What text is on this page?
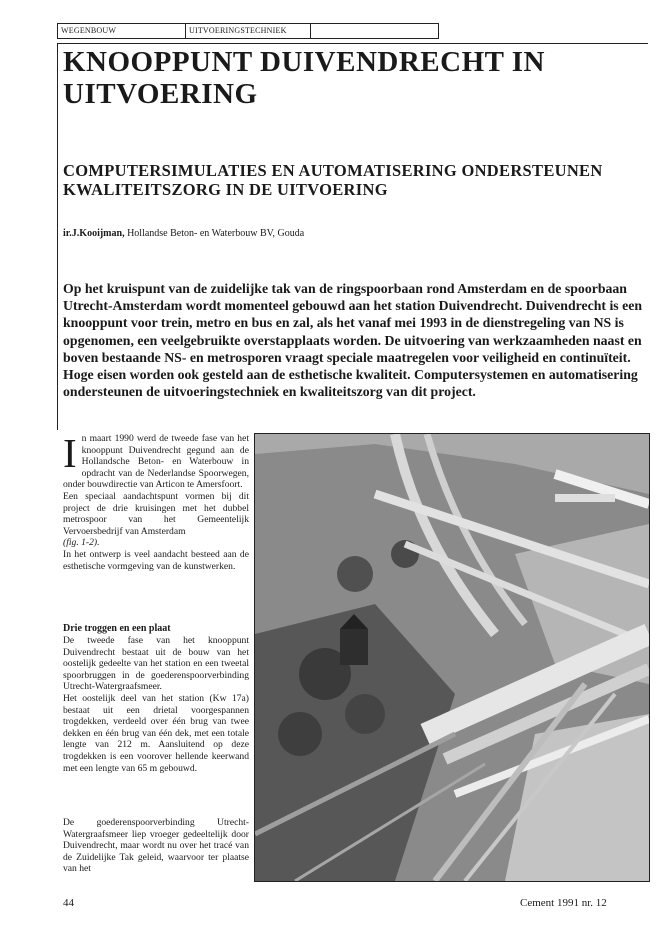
WEGENBOUW	UITVOERINGSTECHNIEK
KNOOPPUNT DUIVENDRECHT IN UITVOERING
COMPUTERSIMULATIES EN AUTOMATISERING ONDERSTEUNEN KWALITEITSZORG IN DE UITVOERING
ir.J.Kooijman, Hollandse Beton- en Waterbouw BV, Gouda

Op het kruispunt van de zuidelijke tak van de ringspoorbaan rond Amsterdam en de spoorbaan Utrecht-Amsterdam wordt momenteel gebouwd aan het station Duivendrecht. Duivendrecht is een knooppunt voor trein, metro en bus en zal, als het vanaf mei 1993 in de dienstregeling van NS is opgenomen, een veelgebruikte overstapplaats worden. De uitvoering van werkzaamheden naast en boven bestaande NS- en metrosporen vraagt speciale maatregelen voor veiligheid en continuïteit. Hoge eisen worden ook gesteld aan de esthetische kwaliteit. Computersystemen en automatisering ondersteunen de uitvoeringstechniek en kwaliteitszorg van dit project.

In maart 1990 werd de tweede fase van het knooppunt Duivendrecht gegund aan de Hollandsche Beton- en Waterbouw in opdracht van de Nederlandse Spoorwegen, onder bouwdirectie van Articon te Amersfoort.

Een speciaal aandachtspunt vormen bij dit project de drie kruisingen met het dubbel metrospoor van het Gemeentelijk Vervoersbedrijf van Amsterdam
(fig. 1-2).

In het ontwerp is veel aandacht besteed aan de esthetische vormgeving van de kunstwerken.

Drie troggen en een plaat

De tweede fase van het knooppunt Duivendrecht bestaat uit de bouw van het oostelijk gedeelte van het station en een tweetal spoorbruggen in de goederenspoorverbinding Utrecht-Watergraafsmeer.

Het oostelijk deel van het station (Kw 17a) bestaat uit een drietal voorgespannen trogdekken, verdeeld over één brug van twee dekken en één brug van één dek, met een totale lengte van 212 m. Aansluitend op deze trogdekken is een voorover hellende keerwand met een lengte van 65 m gebouwd.

De goederenspoorverbinding Utrecht-Watergraafsmeer liep vroeger gedeeltelijk door Duivendrecht, maar wordt nu over het tracé van de Zuidelijke Tak geleid, waarvoor ter plaatse van het

44	Cement 1991 nr. 12
